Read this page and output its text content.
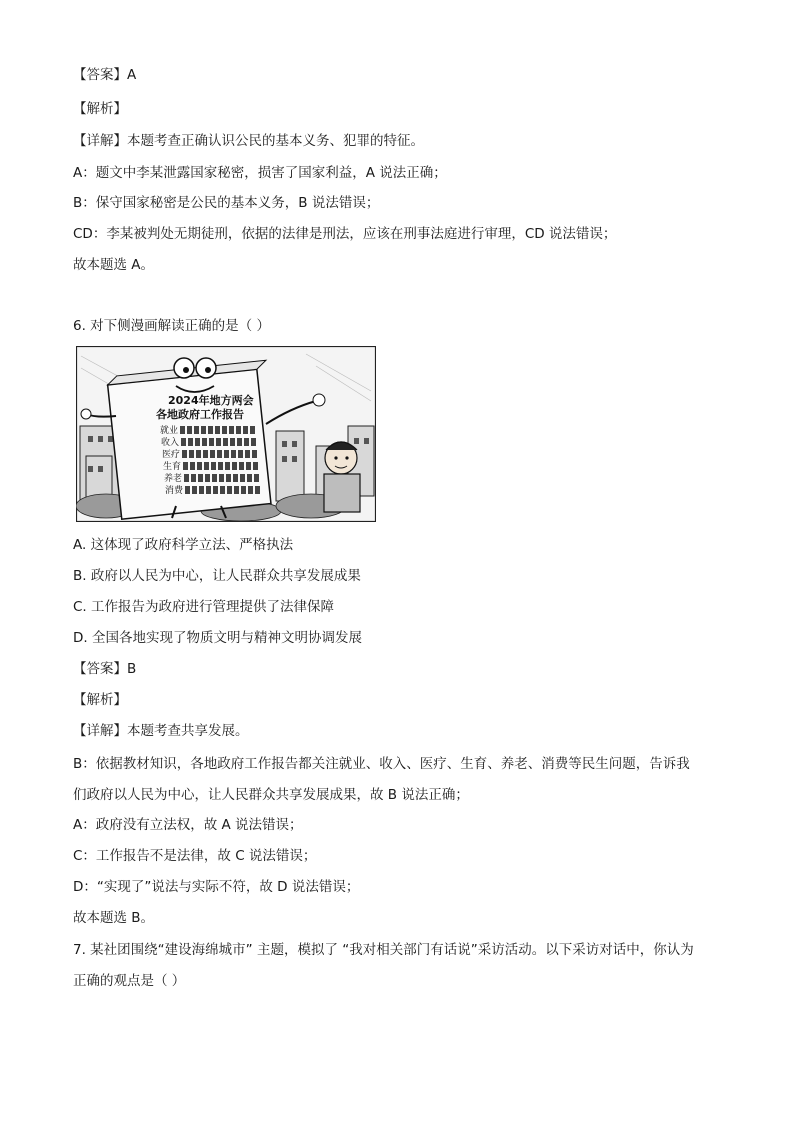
【答案】A
【解析】
【详解】本题考查正确认识公民的基本义务、犯罪的特征。
A：题文中李某泄露国家秘密，损害了国家利益，A 说法正确；
B：保守国家秘密是公民的基本义务，B 说法错误；
CD：李某被判处无期徒刑，依据的法律是刑法，应该在刑事法庭进行审理，CD 说法错误；
故本题选 A。
6. 对下侧漫画解读正确的是（ ）
2024年地方两会
各地政府工作报告
就业
收入
医疗
生育
养老
消费
A. 这体现了政府科学立法、严格执法
B. 政府以人民为中心，让人民群众共享发展成果
C. 工作报告为政府进行管理提供了法律保障
D. 全国各地实现了物质文明与精神文明协调发展
【答案】B
【解析】
【详解】本题考查共享发展。
B：依据教材知识，各地政府工作报告都关注就业、收入、医疗、生育、养老、消费等民生问题，告诉我
们政府以人民为中心，让人民群众共享发展成果，故 B 说法正确；
A：政府没有立法权，故 A 说法错误；
C：工作报告不是法律，故 C 说法错误；
D：“实现了”说法与实际不符，故 D 说法错误；
故本题选 B。
7. 某社团围绕“建设海绵城市” 主题，模拟了 “我对相关部门有话说”采访活动。以下采访对话中，你认为
正确的观点是（ ）
